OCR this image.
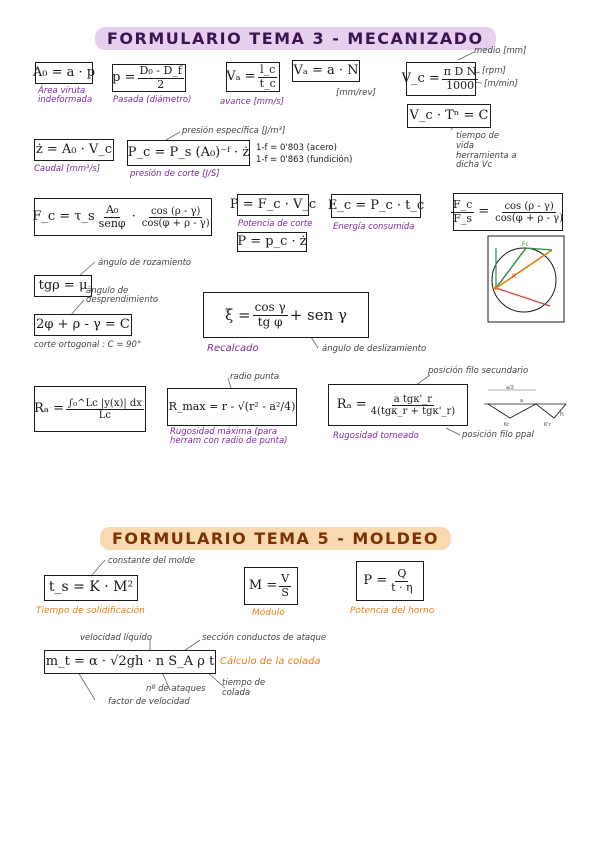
FORMULARIO TEMA 3 - MECANIZADO
A₀ = a · p
Área viruta indeformada
$p = \frac{\text{D₀ - D\_f}}{2}$
Pasada (diámetro)
$V_a = \frac{l\_c}{t\_c}$
avance [mm/s]
Vₐ = a · N
[mm/rev]
V_c = $\frac{\text{π D N}}{1000}$
medio [mm]
[rpm]
[m/min]
V_c · Tⁿ = C
tiempo de vida herramienta a dicha Vc
ż = A₀ · V_c
Caudal [mm³/s]
P_c = P_s (A₀)⁻ᶠ · ż
presión específica [J/m³]
presión de corte [J/S]
1-f = 0'803 (acero)
1-f = 0'863 (fundición)
F_c = τ_s $\frac{\text{A₀}}{\text{senφ}} \cdot \frac{\cos (\rho - \gamma)}{\cos(\varphi + \rho - \gamma)}$
P = F_c · V_c
Potencia de corte
P = p_c · ż
E_c = P_c · t_c
Energía consumida
$\frac{F\_c}{F\_s} = \frac{\cos (\rho - \gamma)}{\cos(\varphi + \rho - \gamma)}$
R
Fc
ángulo de rozamiento
tgρ = μ
ángulo de desprendimiento
2φ + ρ - γ = C
corte ortogonal : C = 90°
$\xi = \frac{\text{cos γ}}{\text{tg φ}}$ + sen γ
Recalcado	ángulo de deslizamiento
$R_a = \frac{\text{∫₀\textasciicircum{}Lc |y(x)| dx}}{Lc}$
radio punta
R_max = r - √(r² - a²/4)
Rugosidad máxima (para herram con radio de punta)
posición filo secundario
$R_a = \frac{\text{a tgκ'\_r}}{\text{4(tgκ\_r + tgκ'\_r)}}$
Rugosidad torneado	posición filo ppal
a/2
a
Kr	K'r
h
FORMULARIO TEMA 5 - MOLDEO
constante del molde
t_s = K · M²
Tiempo de solidificación
$M = \frac{V}{S}$
Módulo
$P = \frac{Q}{t \cdot \eta}$
Potencia del horno
velocidad líquido	sección conductos de ataque
m_t = α · √2gh · n S_A ρ t Cálculo de la colada
nº de ataques
tiempo de colada
factor de velocidad
